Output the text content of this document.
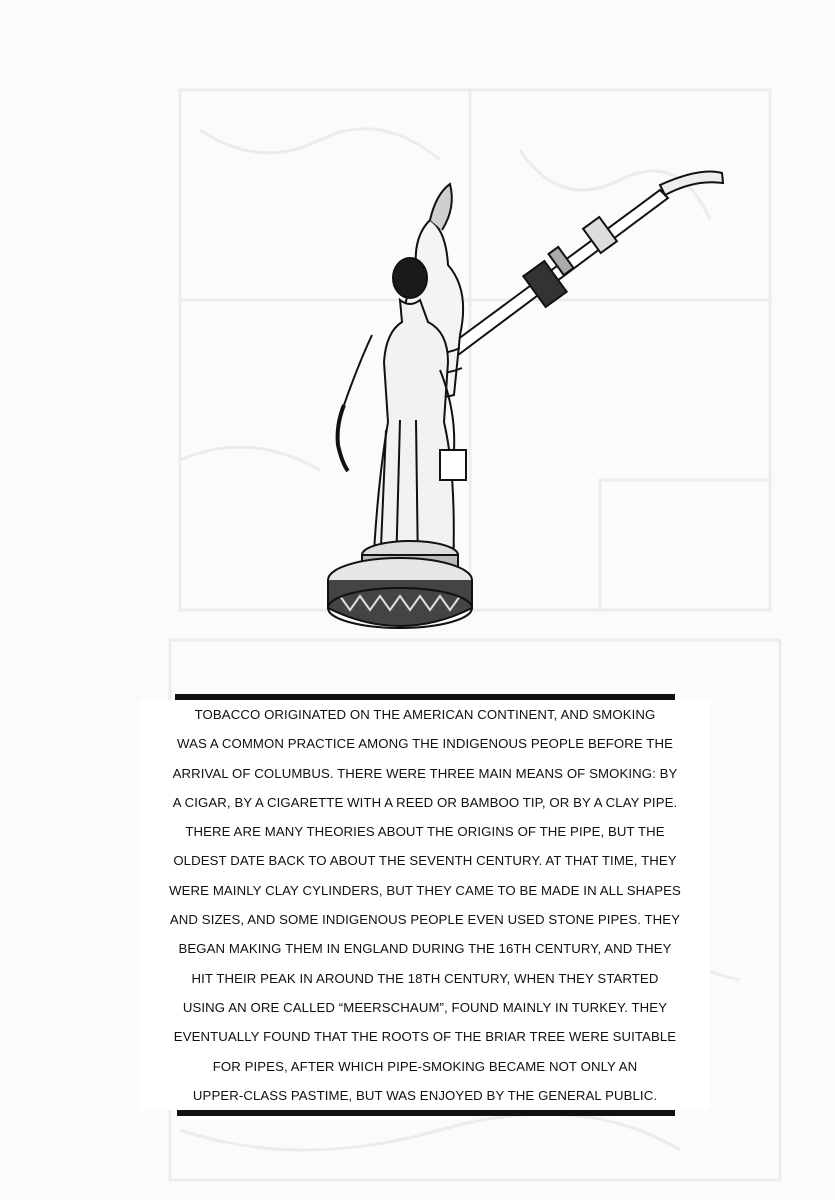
TOBACCO ORIGINATED ON THE AMERICAN CONTINENT, AND SMOKING
WAS A COMMON PRACTICE AMONG THE INDIGENOUS PEOPLE BEFORE THE
ARRIVAL OF COLUMBUS. THERE WERE THREE MAIN MEANS OF SMOKING: BY
A CIGAR, BY A CIGARETTE WITH A REED OR BAMBOO TIP, OR BY A CLAY PIPE.
THERE ARE MANY THEORIES ABOUT THE ORIGINS OF THE PIPE, BUT THE
OLDEST DATE BACK TO ABOUT THE SEVENTH CENTURY. AT THAT TIME, THEY
WERE MAINLY CLAY CYLINDERS, BUT THEY CAME TO BE MADE IN ALL SHAPES
AND SIZES, AND SOME INDIGENOUS PEOPLE EVEN USED STONE PIPES. THEY
BEGAN MAKING THEM IN ENGLAND DURING THE 16TH CENTURY, AND THEY
HIT THEIR PEAK IN AROUND THE 18TH CENTURY, WHEN THEY STARTED
USING AN ORE CALLED “MEERSCHAUM”, FOUND MAINLY IN TURKEY. THEY
EVENTUALLY FOUND THAT THE ROOTS OF THE BRIAR TREE WERE SUITABLE
FOR PIPES, AFTER WHICH PIPE-SMOKING BECAME NOT ONLY AN
UPPER-CLASS PASTIME, BUT WAS ENJOYED BY THE GENERAL PUBLIC.
